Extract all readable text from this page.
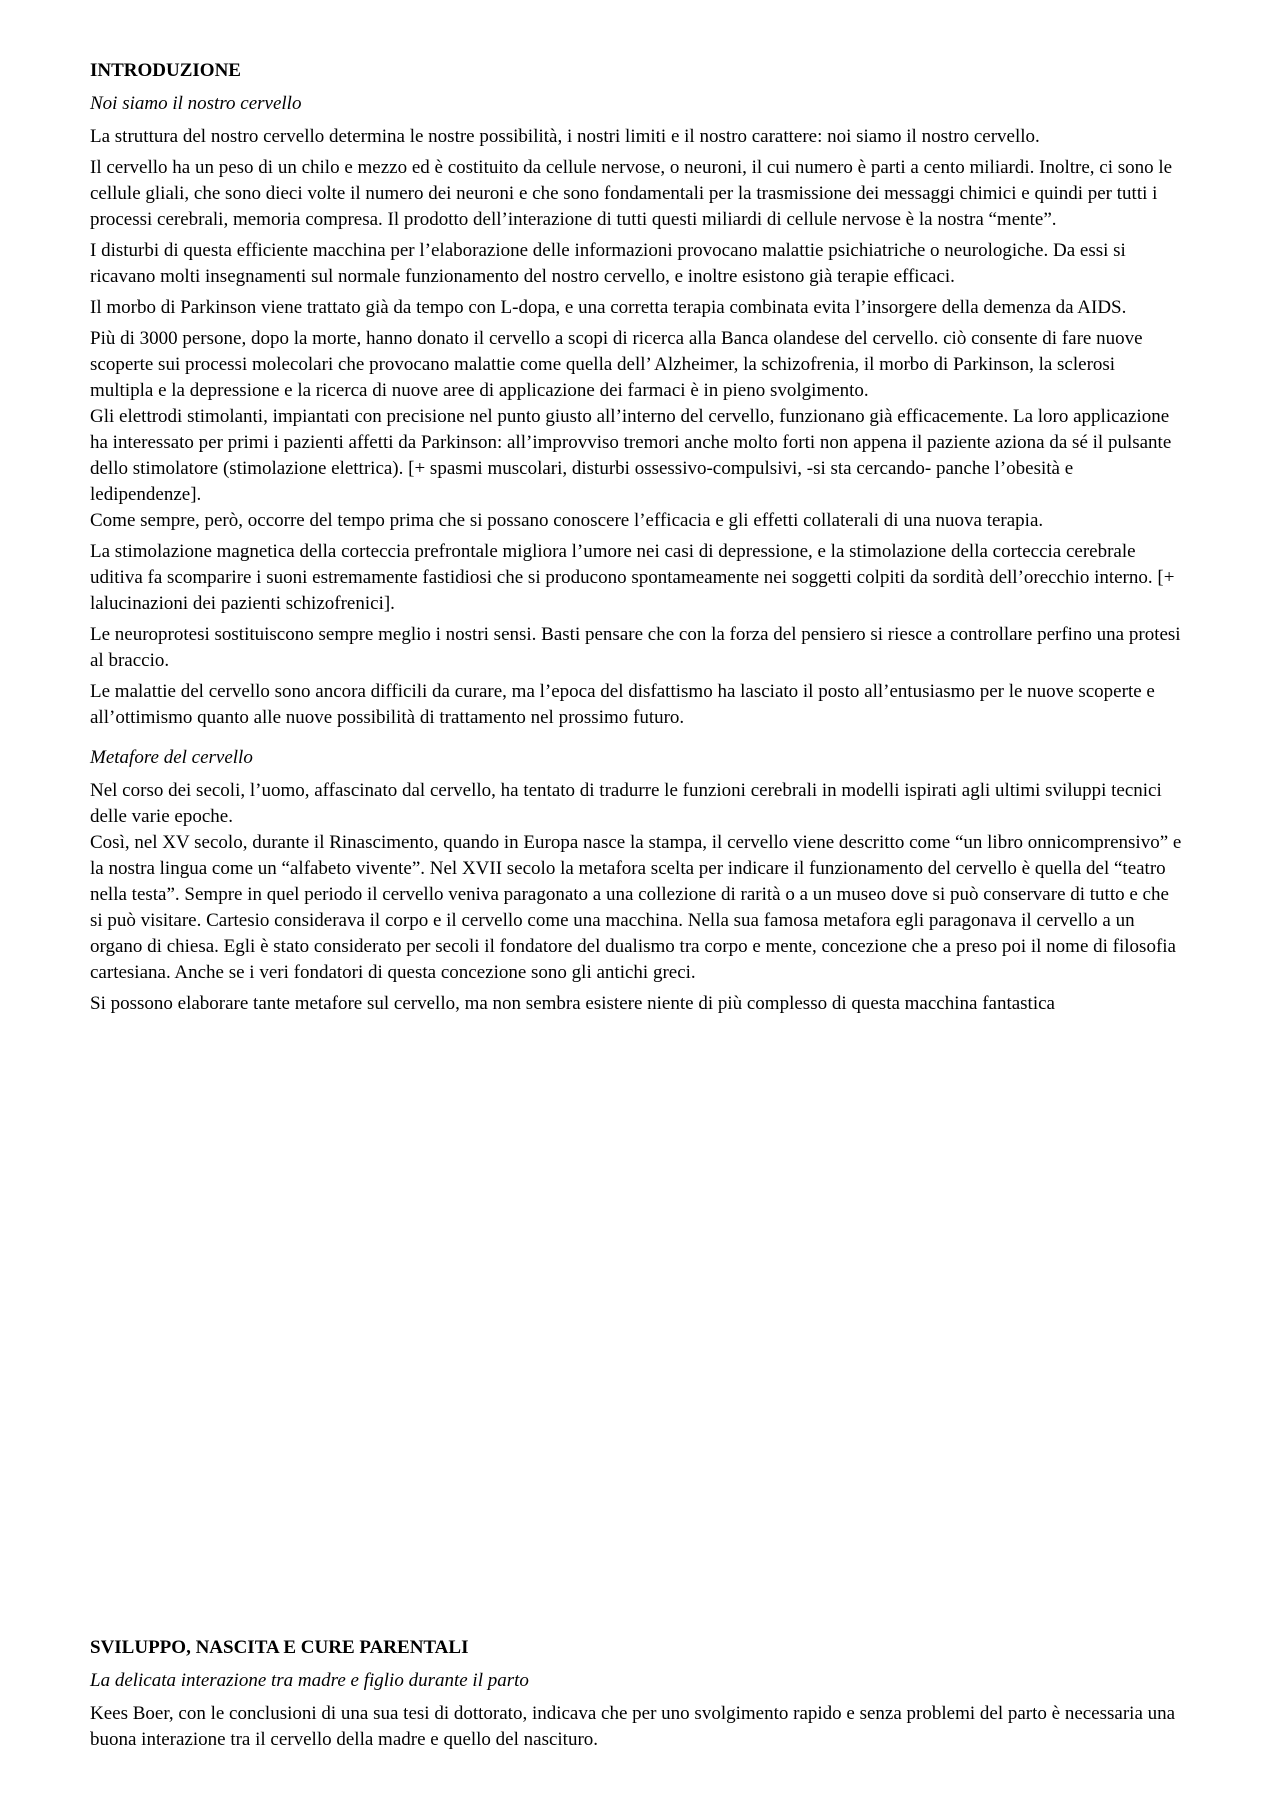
INTRODUZIONE
Noi siamo il nostro cervello

La struttura del nostro cervello determina le nostre possibilità, i nostri limiti e il nostro carattere: noi siamo il nostro cervello.

Il cervello ha un peso di un chilo e mezzo ed è costituito da cellule nervose, o neuroni, il cui numero è parti a cento miliardi. Inoltre, ci sono le cellule gliali, che sono dieci volte il numero dei neuroni e che sono fondamentali per la trasmissione dei messaggi chimici e quindi per tutti i processi cerebrali, memoria compresa. Il prodotto dell’interazione di tutti questi miliardi di cellule nervose è la nostra “mente”.

I disturbi di questa efficiente macchina per l’elaborazione delle informazioni provocano malattie psichiatriche o neurologiche. Da essi si ricavano molti insegnamenti sul normale funzionamento del nostro cervello, e inoltre esistono già terapie efficaci.

Il morbo di Parkinson viene trattato già da tempo con L-dopa, e una corretta terapia combinata evita l’insorgere della demenza da AIDS.

Più di 3000 persone, dopo la morte, hanno donato il cervello a scopi di ricerca alla Banca olandese del cervello. ciò consente di fare nuove scoperte sui processi molecolari che provocano malattie come quella dell’ Alzheimer, la schizofrenia, il morbo di Parkinson, la sclerosi multipla e la depressione e la ricerca di nuove aree di applicazione dei farmaci è in pieno svolgimento.

Gli elettrodi stimolanti, impiantati con precisione nel punto giusto all’interno del cervello, funzionano già efficacemente. La loro applicazione ha interessato per primi i pazienti affetti da Parkinson: all’improvviso tremori anche molto forti non appena il paziente aziona da sé il pulsante dello stimolatore (stimolazione elettrica). [+ spasmi muscolari, disturbi ossessivo-compulsivi, -si sta cercando- panche l’obesità e ledipendenze].

Come sempre, però, occorre del tempo prima che si possano conoscere l’efficacia e gli effetti collaterali di una nuova terapia.

La stimolazione magnetica della corteccia prefrontale migliora l’umore nei casi di depressione, e la stimolazione della corteccia cerebrale uditiva fa scomparire i suoni estremamente fastidiosi che si producono spontameamente nei soggetti colpiti da sordità dell’orecchio interno. [+ lalucinazioni dei pazienti schizofrenici].

Le neuroprotesi sostituiscono sempre meglio i nostri sensi. Basti pensare che con la forza del pensiero si riesce a controllare perfino una protesi al braccio.

Le malattie del cervello sono ancora difficili da curare, ma l’epoca del disfattismo ha lasciato il posto all’entusiasmo per le nuove scoperte e all’ottimismo quanto alle nuove possibilità di trattamento nel prossimo futuro.

Metafore del cervello

Nel corso dei secoli, l’uomo, affascinato dal cervello, ha tentato di tradurre le funzioni cerebrali in modelli ispirati agli ultimi sviluppi tecnici delle varie epoche.

Così, nel XV secolo, durante il Rinascimento, quando in Europa nasce la stampa, il cervello viene descritto come “un libro onnicomprensivo” e la nostra lingua come un “alfabeto vivente”. Nel XVII secolo la metafora scelta per indicare il funzionamento del cervello è quella del “teatro nella testa”. Sempre in quel periodo il cervello veniva paragonato a una collezione di rarità o a un museo dove si può conservare di tutto e che si può visitare. Cartesio considerava il corpo e il cervello come una macchina. Nella sua famosa metafora egli paragonava il cervello a un organo di chiesa. Egli è stato considerato per secoli il fondatore del dualismo tra corpo e mente, concezione che a preso poi il nome di filosofia cartesiana. Anche se i veri fondatori di questa concezione sono gli antichi greci.

Si possono elaborare tante metafore sul cervello, ma non sembra esistere niente di più complesso di questa macchina fantastica

SVILUPPO, NASCITA E CURE PARENTALI
La delicata interazione tra madre e figlio durante il parto

Kees Boer, con le conclusioni di una sua tesi di dottorato, indicava che per uno svolgimento rapido e senza problemi del parto è necessaria una buona interazione tra il cervello della madre e quello del nascituro.
